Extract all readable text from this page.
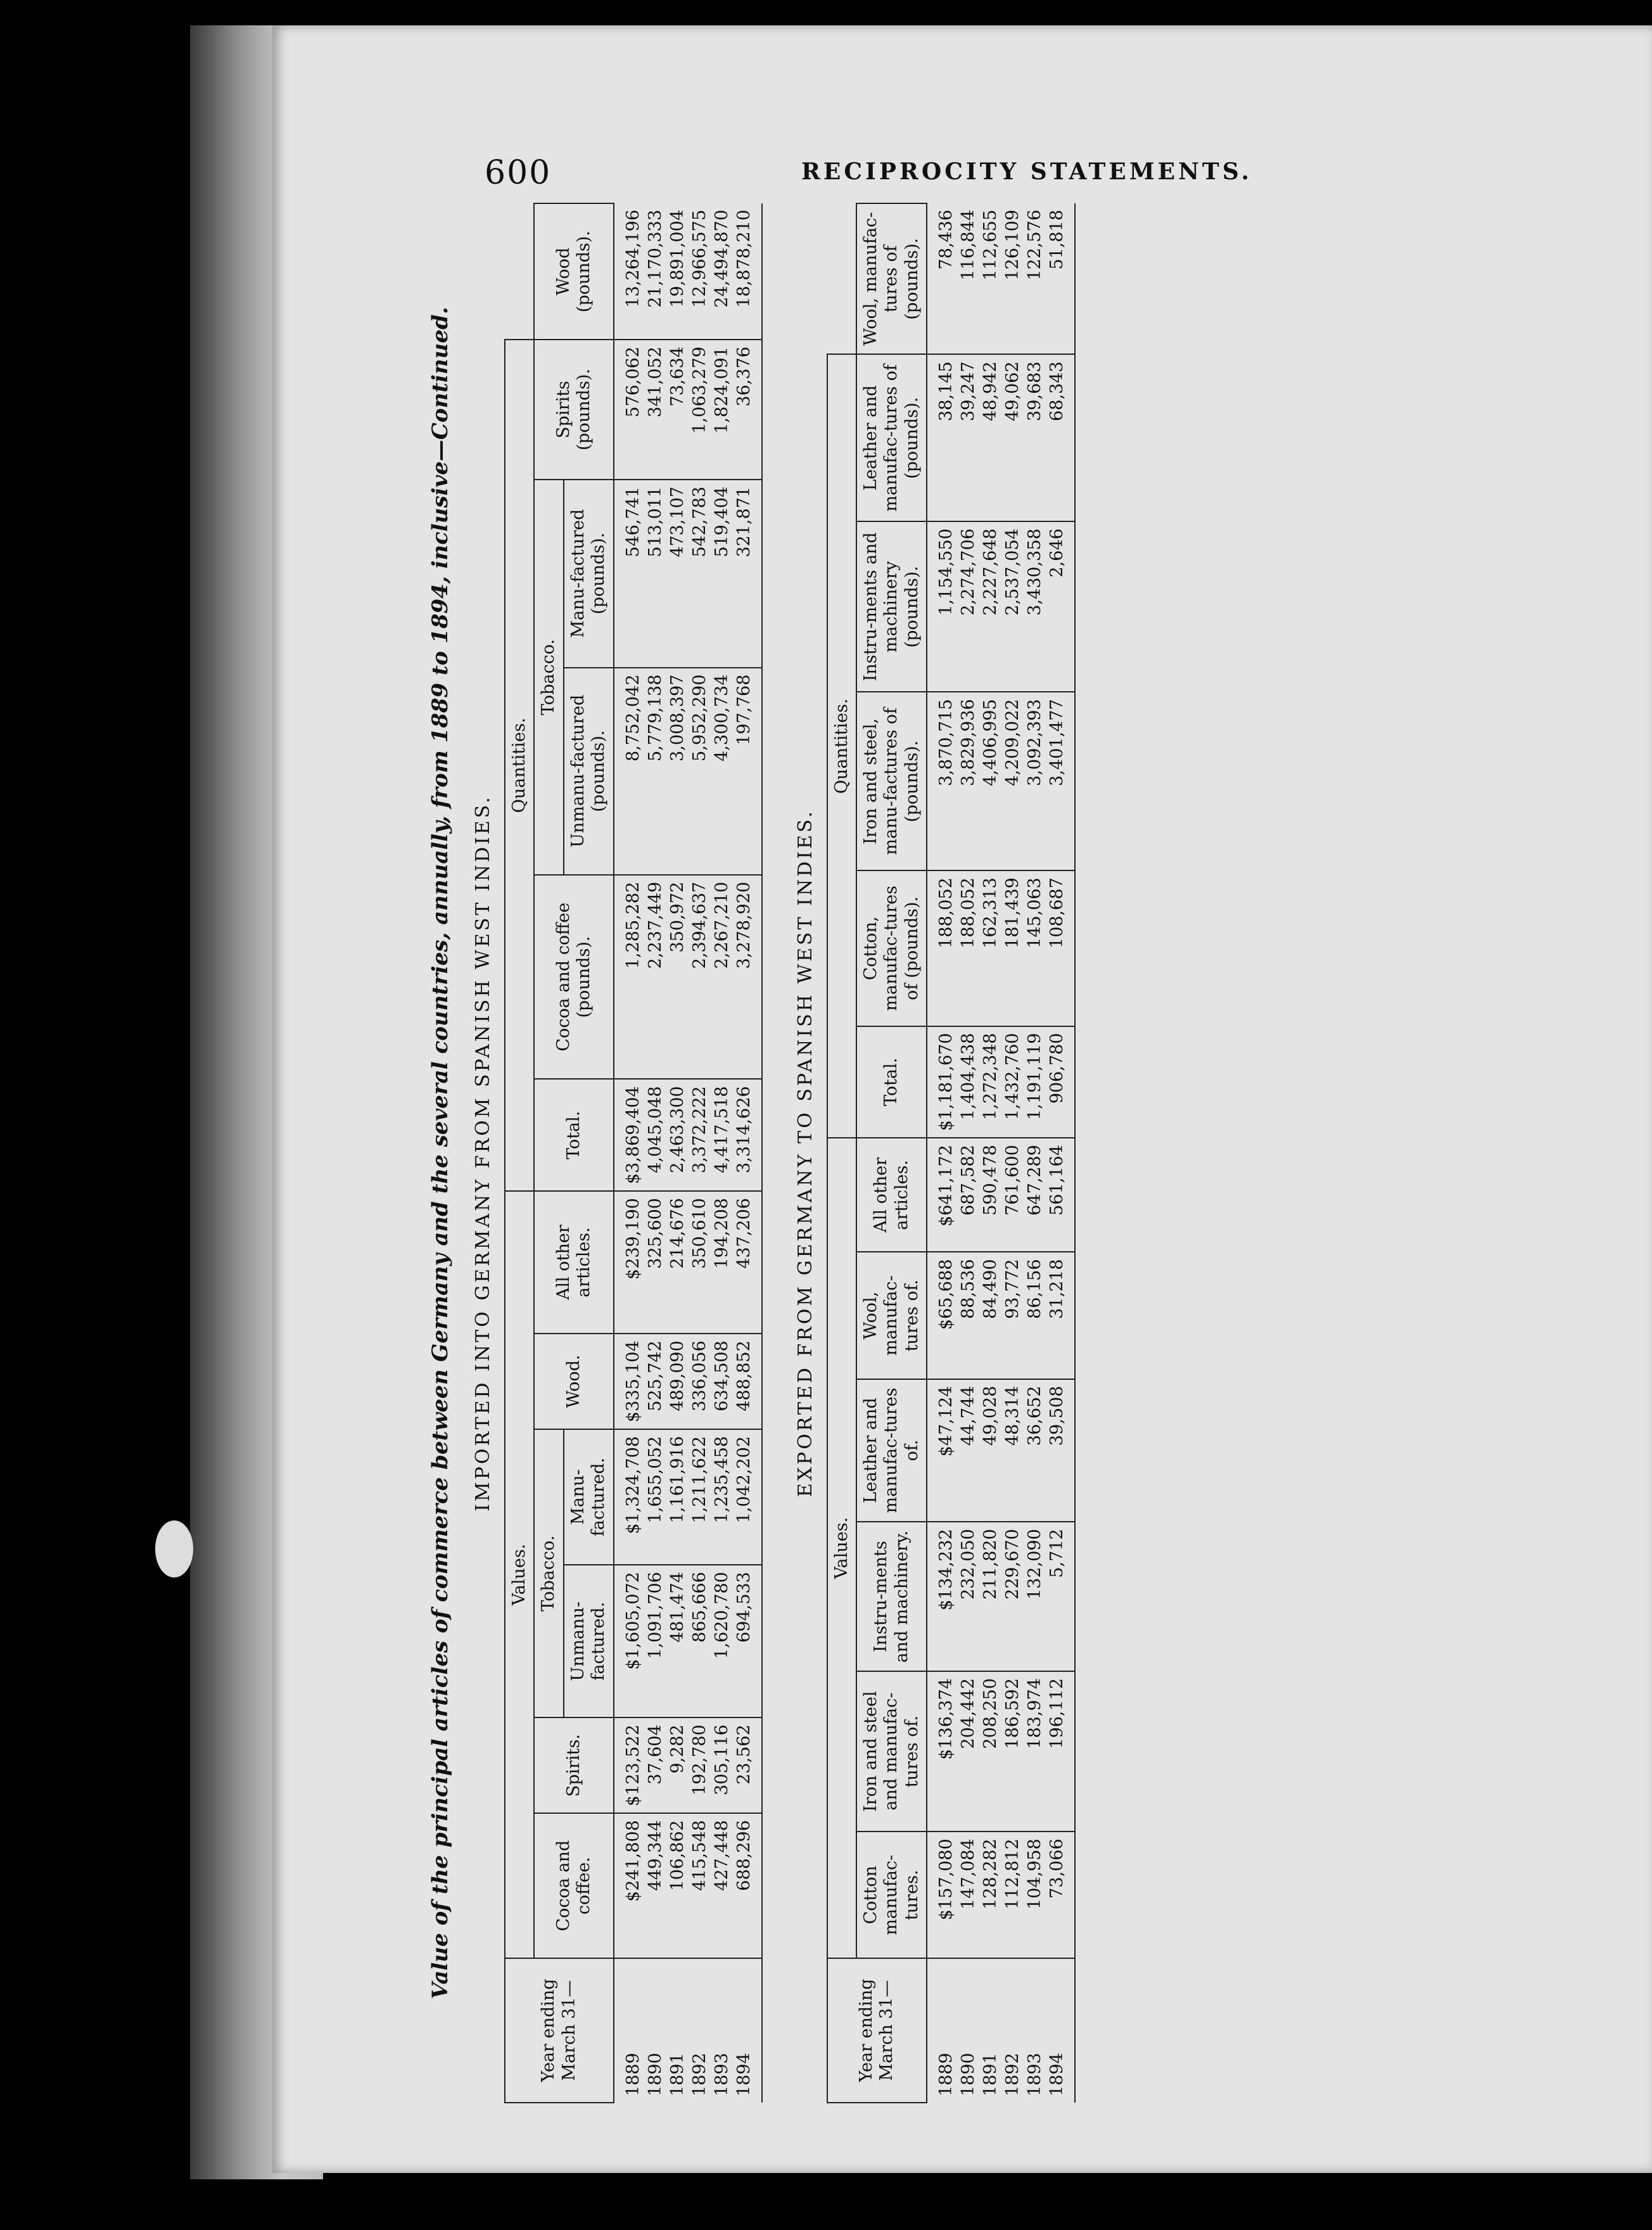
600	RECIPROCITY STATEMENTS.
Value of the principal articles of commerce between Germany and the several countries, annually, from 1889 to 1894, inclusive—Continued. IMPORTED INTO GERMANY FROM SPANISH WEST INDIES.
Year ending March 31—	Values.						Quantities.					
	Cocoa and coffee.	Spirits.	Tobacco.		Wood.	All other articles.	Total.	Cocoa and coffee (pounds).	Tobacco.		Spirits (pounds).	Wood (pounds).
			Unmanu-factured.	Manu-factured.					Unmanu-factured (pounds).	Manu-factured (pounds).		
1889	$241,808	$123,522	$1,605,072	$1,324,708	$335,104	$239,190	$3,869,404	1,285,282	8,752,042	546,741	576,062	13,264,196
1890	449,344	37,604	1,091,706	1,655,052	525,742	325,600	4,045,048	2,237,449	5,779,138	513,011	341,052	21,170,333
1891	106,862	9,282	481,474	1,161,916	489,090	214,676	2,463,300	350,972	3,008,397	473,107	73,634	19,891,004
1892	415,548	192,780	865,666	1,211,622	336,056	350,610	3,372,222	2,394,637	5,952,290	542,783	1,063,279	12,966,575
1893	427,448	305,116	1,620,780	1,235,458	634,508	194,208	4,417,518	2,267,210	4,300,734	519,404	1,824,091	24,494,870
1894	688,296	23,562	694,533	1,042,202	488,852	437,206	3,314,626	3,278,920	197,768	321,871	36,376	18,878,210
EXPORTED FROM GERMANY TO SPANISH WEST INDIES.
Year ending March 31—	Values.						Quantities.					
	Cotton manufac-tures.	Iron and steel and manufac-tures of.	Instru-ments and machinery.	Leather and manufac-tures of.	Wool, manufac-tures of.	All other articles.	Total.	Cotton, manufac-tures of (pounds).	Iron and steel, manu-factures of (pounds).	Instru-ments and machinery (pounds).	Leather and manufac-tures of (pounds).	Wool, manufac-tures of (pounds).
1889	$157,080	$136,374	$134,232	$47,124	$65,688	$641,172	$1,181,670	188,052	3,870,715	1,154,550	38,145	78,436
1890	147,084	204,442	232,050	44,744	88,536	687,582	1,404,438	188,052	3,829,936	2,274,706	39,247	116,844
1891	128,282	208,250	211,820	49,028	84,490	590,478	1,272,348	162,313	4,406,995	2,227,648	48,942	112,655
1892	112,812	186,592	229,670	48,314	93,772	761,600	1,432,760	181,439	4,209,022	2,537,054	49,062	126,109
1893	104,958	183,974	132,090	36,652	86,156	647,289	1,191,119	145,063	3,092,393	3,430,358	39,683	122,576
1894	73,066	196,112	5,712	39,508	31,218	561,164	906,780	108,687	3,401,477	2,646	68,343	51,818
